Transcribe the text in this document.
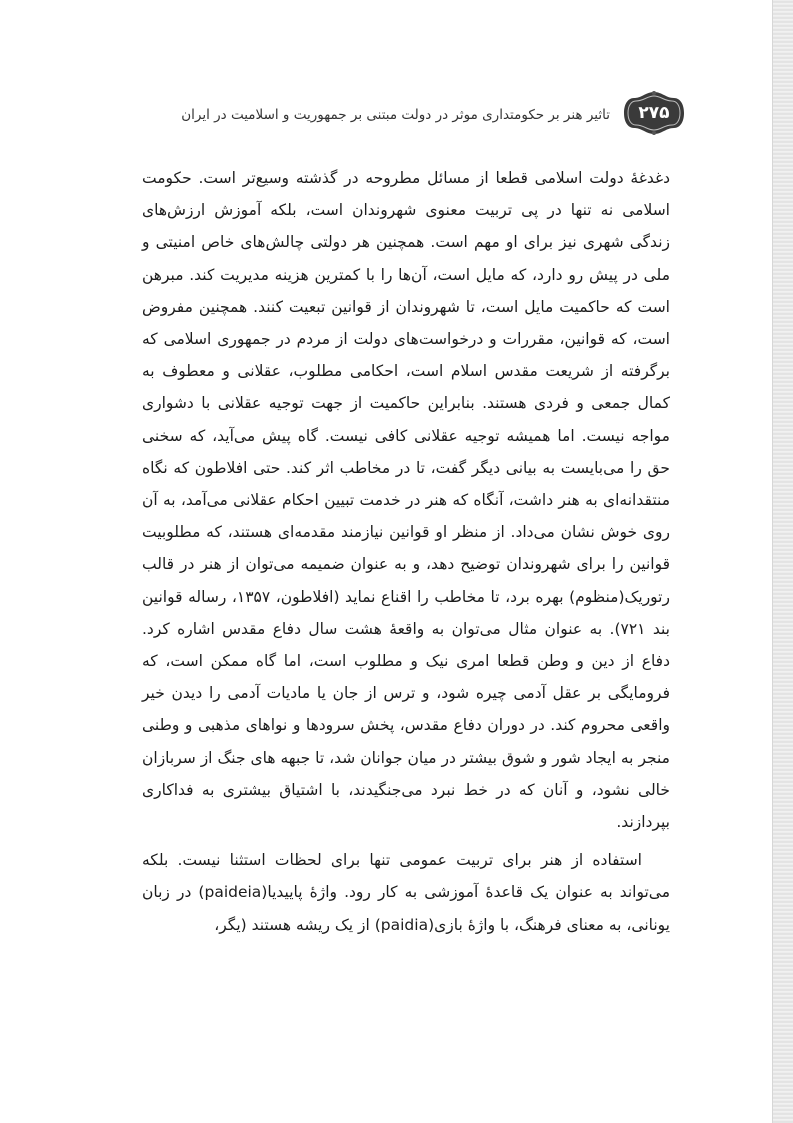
تاثیر هنر بر حکومتداری موثر در دولت مبتنی بر جمهوریت و اسلامیت در ایران	۲۷۵

دغدغهٔ دولت اسلامی قطعا از مسائل مطروحه در گذشته وسیع‌تر است. حکومت اسلامی نه تنها در پی تربیت معنوی شهروندان است، بلکه آموزش ارزش‌های زندگی شهری نیز برای او مهم است. همچنین هر دولتی چالش‌های خاص امنیتی و ملی در پیش رو دارد، که مایل است، آن‌ها را با کمترین هزینه مدیریت کند. مبرهن است که حاکمیت مایل است، تا شهروندان از قوانین تبعیت کنند. همچنین مفروض است، که قوانین، مقررات و درخواست‌های دولت از مردم در جمهوری اسلامی که برگرفته از شریعت مقدس اسلام است، احکامی مطلوب، عقلانی و معطوف به کمال جمعی و فردی هستند. بنابراین حاکمیت از جهت توجیه عقلانی با دشواری مواجه نیست. اما همیشه توجیه عقلانی کافی نیست. گاه پیش می‌آید، که سخنی حق را می‌بایست به بیانی دیگر گفت، تا در مخاطب اثر کند. حتی افلاطون که نگاه منتقدانه‌ای به هنر داشت، آنگاه که هنر در خدمت تبیین احکام عقلانی می‌آمد، به آن روی خوش نشان می‌داد. از منظر او قوانین نیازمند مقدمه‌ای هستند، که مطلوبیت قوانین را برای شهروندان توضیح دهد، و به عنوان ضمیمه می‌توان از هنر در قالب رتوریک(منظوم) بهره برد، تا مخاطب را اقناع نماید (افلاطون، ۱۳۵۷، رساله قوانین بند ۷۲۱). به عنوان مثال می‌توان به واقعهٔ هشت سال دفاع مقدس اشاره کرد. دفاع از دین و وطن قطعا امری نیک و مطلوب است، اما گاه ممکن است، که فرومایگی بر عقل آدمی چیره شود، و ترس از جان یا مادیات آدمی را دیدن خیر واقعی محروم کند. در دوران دفاع مقدس، پخش سرودها و نواهای مذهبی و وطنی منجر به ایجاد شور و شوق بیشتر در میان جوانان شد، تا جبهه های جنگ از سربازان خالی نشود، و آنان که در خط نبرد می‌جنگیدند، با اشتیاق بیشتری به فداکاری بپردازند.

استفاده از هنر برای تربیت عمومی تنها برای لحظات استثنا نیست. بلکه می‌تواند به عنوان یک قاعدهٔ آموزشی به کار رود. واژهٔ پاییدیا(paideia) در زبان یونانی، به معنای فرهنگ، با واژهٔ بازی(paidia) از یک ریشه هستند (یگر،
